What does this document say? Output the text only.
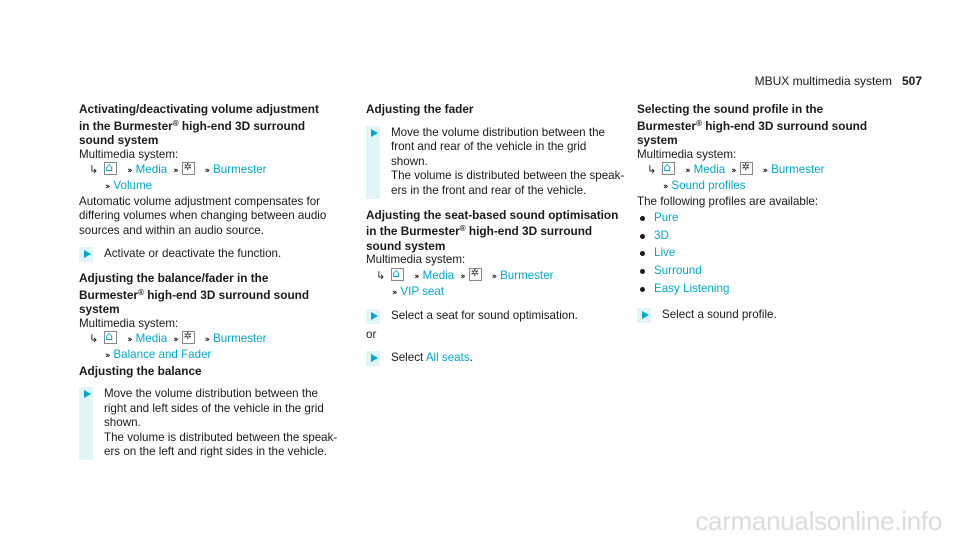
MBUX multimedia system 507
Activating/deactivating volume adjustment
in the Burmester® high-end 3D surround
sound system

Multimedia system:

↳ ⌂	›› Media ›› ✲	›› Burmester
›› Volume

Automatic volume adjustment compensates for

differing volumes when changing between audio

sources and within an audio source.

Activate or deactivate the function.
Adjusting the balance/fader in the
Burmester® high-end 3D surround sound
system

Multimedia system:

↳ ⌂	›› Media ›› ✲	›› Burmester
›› Balance and Fader
Adjusting the balance
Move the volume distribution between the
right and left sides of the vehicle in the grid
shown.
The volume is distributed between the speak-
ers on the left and right sides in the vehicle.
Adjusting the fader
Move the volume distribution between the
front and rear of the vehicle in the grid
shown.
The volume is distributed between the speak-
ers in the front and rear of the vehicle.
Adjusting the seat-based sound optimisation
in the Burmester® high-end 3D surround
sound system

Multimedia system:

↳ ⌂	›› Media ›› ✲	›› Burmester
›› VIP seat
Select a seat for sound optimisation.

or

Select All seats.
Selecting the sound profile in the
Burmester® high-end 3D surround sound
system

Multimedia system:

↳ ⌂	›› Media ›› ✲	›› Burmester
›› Sound profiles

The following profiles are available:

Pure
3D
Live
Surround
Easy Listening
Select a sound profile.
carmanualsonline.info
